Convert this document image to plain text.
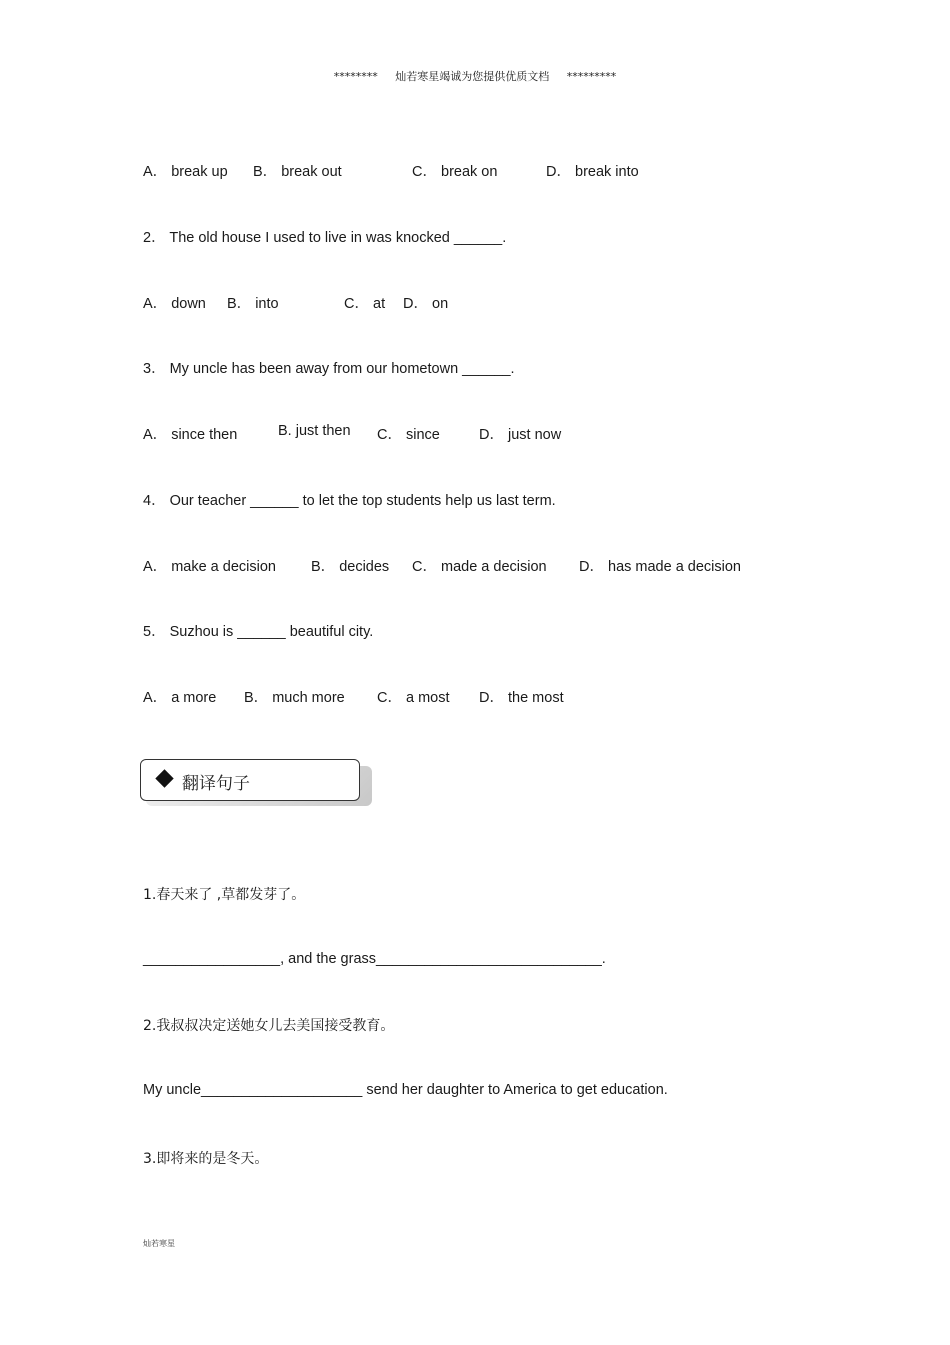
******** 灿若寒星竭诚为您提供优质文档 *********
A． break up B． break out	C． break on	D． break into
2． The old house I used to live in was knocked ______.
A． down B． into	C． at D． on
3． My uncle has been away from our hometown ______.
A． since then	B. just then C． since	D． just now
4． Our teacher ______ to let the top students help us last term.
A． make a decision B． decides C． made a decision D． has made a decision
5． Suzhou is ______ beautiful city.
A． a more B． much more C． a most D． the most
翻译句子
1.春天来了 ,草都发芽了。
_________________, and the grass____________________________.
2.我叔叔决定送她女儿去美国接受教育。
My uncle____________________ send her daughter to America to get education.
3.即将来的是冬天。
灿若寒星
